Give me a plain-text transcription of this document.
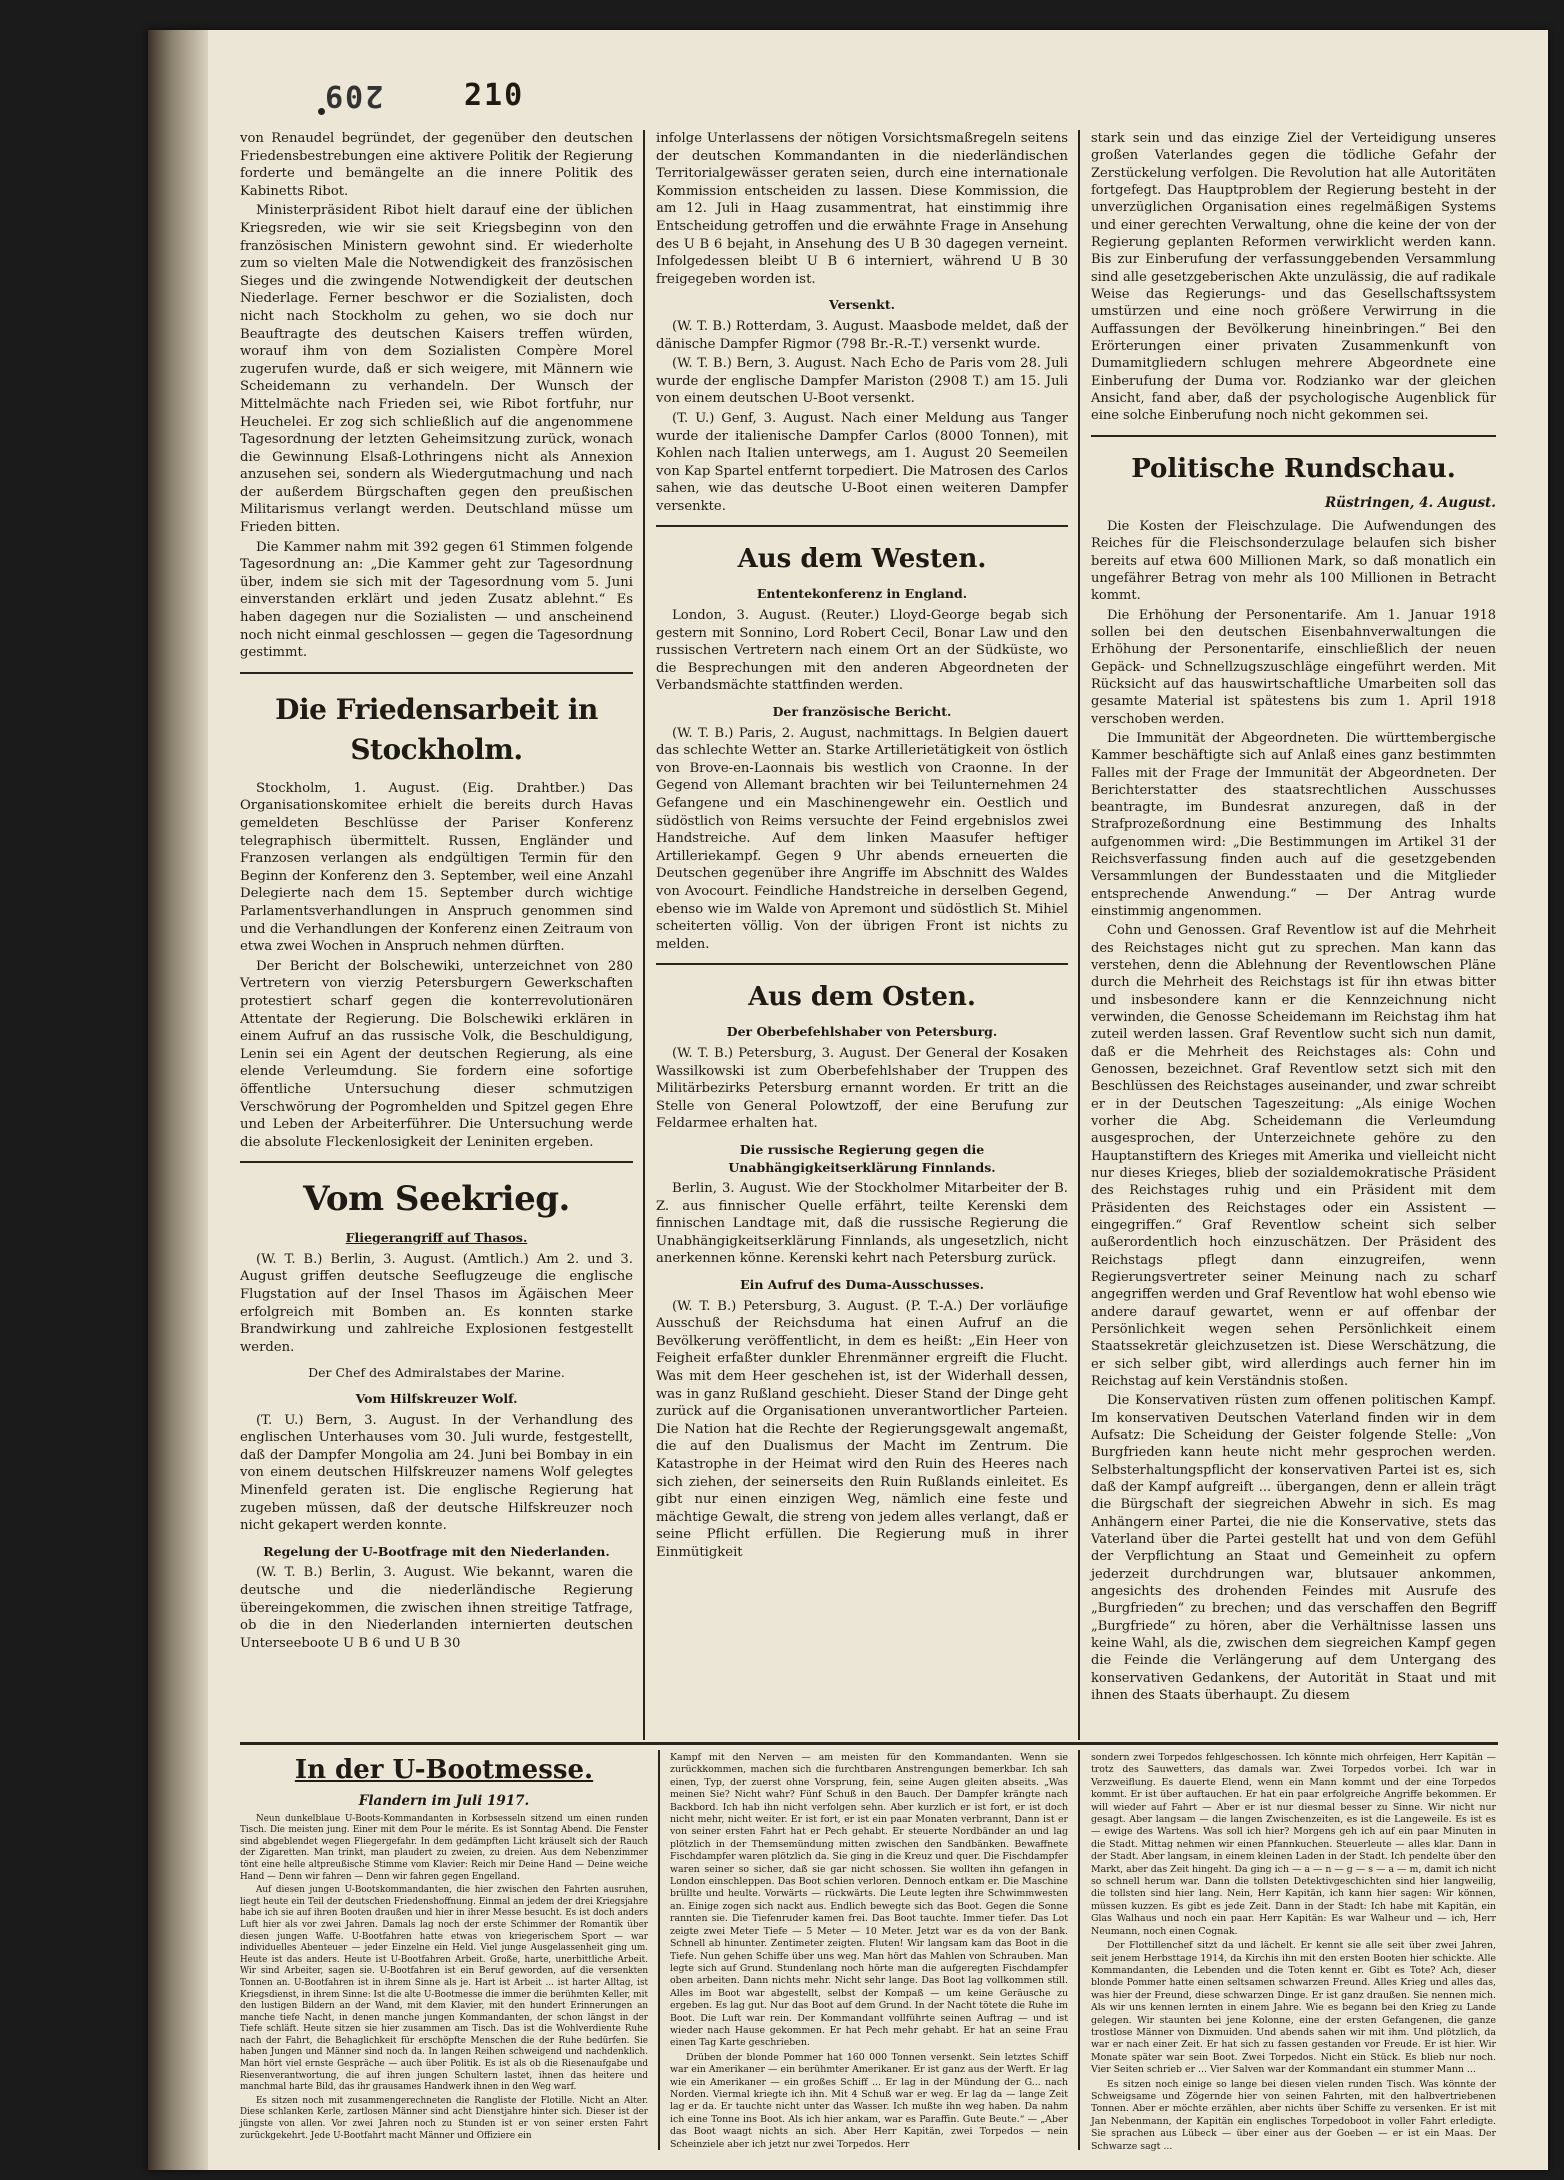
209	210

von Renaudel begründet, der gegenüber den deutschen Friedensbestrebungen eine aktivere Politik der Regierung forderte und bemängelte an die innere Politik des Kabinetts Ribot.

Ministerpräsident Ribot hielt darauf eine der üblichen Kriegsreden, wie wir sie seit Kriegsbeginn von den französischen Ministern gewohnt sind. Er wiederholte zum so vielten Male die Notwendigkeit des französischen Sieges und die zwingende Notwendigkeit der deutschen Niederlage. Ferner beschwor er die Sozialisten, doch nicht nach Stockholm zu gehen, wo sie doch nur Beauftragte des deutschen Kaisers treffen würden, worauf ihm von dem Sozialisten Compère Morel zugerufen wurde, daß er sich weigere, mit Männern wie Scheidemann zu verhandeln. Der Wunsch der Mittelmächte nach Frieden sei, wie Ribot fortfuhr, nur Heuchelei. Er zog sich schließlich auf die angenommene Tagesordnung der letzten Geheimsitzung zurück, wonach die Gewinnung Elsaß-Lothringens nicht als Annexion anzusehen sei, sondern als Wiedergutmachung und nach der außerdem Bürgschaften gegen den preußischen Militarismus verlangt werden. Deutschland müsse um Frieden bitten.

Die Kammer nahm mit 392 gegen 61 Stimmen folgende Tagesordnung an: „Die Kammer geht zur Tagesordnung über, indem sie sich mit der Tagesordnung vom 5. Juni einverstanden erklärt und jeden Zusatz ablehnt.“ Es haben dagegen nur die Sozialisten — und anscheinend noch nicht einmal geschlossen — gegen die Tagesordnung gestimmt.

Die Friedensarbeit in Stockholm.

Stockholm, 1. August. (Eig. Drahtber.) Das Organisationskomitee erhielt die bereits durch Havas gemeldeten Beschlüsse der Pariser Konferenz telegraphisch übermittelt. Russen, Engländer und Franzosen verlangen als endgültigen Termin für den Beginn der Konferenz den 3. September, weil eine Anzahl Delegierte nach dem 15. September durch wichtige Parlamentsverhandlungen in Anspruch genommen sind und die Verhandlungen der Konferenz einen Zeitraum von etwa zwei Wochen in Anspruch nehmen dürften.

Der Bericht der Bolschewiki, unterzeichnet von 280 Vertretern von vierzig Petersburgern Gewerkschaften protestiert scharf gegen die konterrevolutionären Attentate der Regierung. Die Bolschewiki erklären in einem Aufruf an das russische Volk, die Beschuldigung, Lenin sei ein Agent der deutschen Regierung, als eine elende Verleumdung. Sie fordern eine sofortige öffentliche Untersuchung dieser schmutzigen Verschwörung der Pogromhelden und Spitzel gegen Ehre und Leben der Arbeiterführer. Die Untersuchung werde die absolute Fleckenlosigkeit der Leniniten ergeben.

Vom Seekrieg.
Fliegerangriff auf Thasos.

(W. T. B.) Berlin, 3. August. (Amtlich.) Am 2. und 3. August griffen deutsche Seeflugzeuge die englische Flugstation auf der Insel Thasos im Ägäischen Meer erfolgreich mit Bomben an. Es konnten starke Brandwirkung und zahlreiche Explosionen festgestellt werden.

Der Chef des Admiralstabes der Marine.
Vom Hilfskreuzer Wolf.

(T. U.) Bern, 3. August. In der Verhandlung des englischen Unterhauses vom 30. Juli wurde, festgestellt, daß der Dampfer Mongolia am 24. Juni bei Bombay in ein von einem deutschen Hilfskreuzer namens Wolf gelegtes Minenfeld geraten ist. Die englische Regierung hat zugeben müssen, daß der deutsche Hilfskreuzer noch nicht gekapert werden konnte.

Regelung der U-Bootfrage mit den Niederlanden.

(W. T. B.) Berlin, 3. August. Wie bekannt, waren die deutsche und die niederländische Regierung übereingekommen, die zwischen ihnen streitige Tatfrage, ob die in den Niederlanden internierten deutschen Unterseeboote U B 6 und U B 30

infolge Unterlassens der nötigen Vorsichtsmaßregeln seitens der deutschen Kommandanten in die niederländischen Territorialgewässer geraten seien, durch eine internationale Kommission entscheiden zu lassen. Diese Kommission, die am 12. Juli in Haag zusammentrat, hat einstimmig ihre Entscheidung getroffen und die erwähnte Frage in Ansehung des U B 6 bejaht, in Ansehung des U B 30 dagegen verneint. Infolgedessen bleibt U B 6 interniert, während U B 30 freigegeben worden ist.

Versenkt.

(W. T. B.) Rotterdam, 3. August. Maasbode meldet, daß der dänische Dampfer Rigmor (798 Br.-R.-T.) versenkt wurde.

(W. T. B.) Bern, 3. August. Nach Echo de Paris vom 28. Juli wurde der englische Dampfer Mariston (2908 T.) am 15. Juli von einem deutschen U-Boot versenkt.

(T. U.) Genf, 3. August. Nach einer Meldung aus Tanger wurde der italienische Dampfer Carlos (8000 Tonnen), mit Kohlen nach Italien unterwegs, am 1. August 20 Seemeilen von Kap Spartel entfernt torpediert. Die Matrosen des Carlos sahen, wie das deutsche U-Boot einen weiteren Dampfer versenkte.

Aus dem Westen.
Ententekonferenz in England.

London, 3. August. (Reuter.) Lloyd-George begab sich gestern mit Sonnino, Lord Robert Cecil, Bonar Law und den russischen Vertretern nach einem Ort an der Südküste, wo die Besprechungen mit den anderen Abgeordneten der Verbandsmächte stattfinden werden.

Der französische Bericht.

(W. T. B.) Paris, 2. August, nachmittags. In Belgien dauert das schlechte Wetter an. Starke Artillerietätigkeit von östlich von Brove-en-Laonnais bis westlich von Craonne. In der Gegend von Allemant brachten wir bei Teilunternehmen 24 Gefangene und ein Maschinengewehr ein. Oestlich und südöstlich von Reims versuchte der Feind ergebnislos zwei Handstreiche. Auf dem linken Maasufer heftiger Artilleriekampf. Gegen 9 Uhr abends erneuerten die Deutschen gegenüber ihre Angriffe im Abschnitt des Waldes von Avocourt. Feindliche Handstreiche in derselben Gegend, ebenso wie im Walde von Apremont und südöstlich St. Mihiel scheiterten völlig. Von der übrigen Front ist nichts zu melden.

Aus dem Osten.
Der Oberbefehlshaber von Petersburg.

(W. T. B.) Petersburg, 3. August. Der General der Kosaken Wassilkowski ist zum Oberbefehlshaber der Truppen des Militärbezirks Petersburg ernannt worden. Er tritt an die Stelle von General Polowtzoff, der eine Berufung zur Feldarmee erhalten hat.

Die russische Regierung gegen die Unabhängigkeitserklärung Finnlands.

Berlin, 3. August. Wie der Stockholmer Mitarbeiter der B. Z. aus finnischer Quelle erfährt, teilte Kerenski dem finnischen Landtage mit, daß die russische Regierung die Unabhängigkeitserklärung Finnlands, als ungesetzlich, nicht anerkennen könne. Kerenski kehrt nach Petersburg zurück.

Ein Aufruf des Duma-Ausschusses.

(W. T. B.) Petersburg, 3. August. (P. T.-A.) Der vorläufige Ausschuß der Reichsduma hat einen Aufruf an die Bevölkerung veröffentlicht, in dem es heißt: „Ein Heer von Feigheit erfaßter dunkler Ehrenmänner ergreift die Flucht. Was mit dem Heer geschehen ist, ist der Widerhall dessen, was in ganz Rußland geschieht. Dieser Stand der Dinge geht zurück auf die Organisationen unverantwortlicher Parteien. Die Nation hat die Rechte der Regierungsgewalt angemaßt, die auf den Dualismus der Macht im Zentrum. Die Katastrophe in der Heimat wird den Ruin des Heeres nach sich ziehen, der seinerseits den Ruin Rußlands einleitet. Es gibt nur einen einzigen Weg, nämlich eine feste und mächtige Gewalt, die streng von jedem alles verlangt, daß er seine Pflicht erfüllen. Die Regierung muß in ihrer Einmütigkeit

stark sein und das einzige Ziel der Verteidigung unseres großen Vaterlandes gegen die tödliche Gefahr der Zerstückelung verfolgen. Die Revolution hat alle Autoritäten fortgefegt. Das Hauptproblem der Regierung besteht in der unverzüglichen Organisation eines regelmäßigen Systems und einer gerechten Verwaltung, ohne die keine der von der Regierung geplanten Reformen verwirklicht werden kann. Bis zur Einberufung der verfassunggebenden Versammlung sind alle gesetzgeberischen Akte unzulässig, die auf radikale Weise das Regierungs- und das Gesellschaftssystem umstürzen und eine noch größere Verwirrung in die Auffassungen der Bevölkerung hineinbringen.“ Bei den Erörterungen einer privaten Zusammenkunft von Dumamitgliedern schlugen mehrere Abgeordnete eine Einberufung der Duma vor. Rodzianko war der gleichen Ansicht, fand aber, daß der psychologische Augenblick für eine solche Einberufung noch nicht gekommen sei.

Politische Rundschau.
Rüstringen, 4. August.

Die Kosten der Fleischzulage. Die Aufwendungen des Reiches für die Fleischsonderzulage belaufen sich bisher bereits auf etwa 600 Millionen Mark, so daß monatlich ein ungefährer Betrag von mehr als 100 Millionen in Betracht kommt.

Die Erhöhung der Personentarife. Am 1. Januar 1918 sollen bei den deutschen Eisenbahnverwaltungen die Erhöhung der Personentarife, einschließlich der neuen Gepäck- und Schnellzugszuschläge eingeführt werden. Mit Rücksicht auf das hauswirtschaftliche Umarbeiten soll das gesamte Material ist spätestens bis zum 1. April 1918 verschoben werden.

Die Immunität der Abgeordneten. Die württembergische Kammer beschäftigte sich auf Anlaß eines ganz bestimmten Falles mit der Frage der Immunität der Abgeordneten. Der Berichterstatter des staatsrechtlichen Ausschusses beantragte, im Bundesrat anzuregen, daß in der Strafprozeßordnung eine Bestimmung des Inhalts aufgenommen wird: „Die Bestimmungen im Artikel 31 der Reichsverfassung finden auch auf die gesetzgebenden Versammlungen der Bundesstaaten und die Mitglieder entsprechende Anwendung.“ — Der Antrag wurde einstimmig angenommen.

Cohn und Genossen. Graf Reventlow ist auf die Mehrheit des Reichstages nicht gut zu sprechen. Man kann das verstehen, denn die Ablehnung der Reventlowschen Pläne durch die Mehrheit des Reichstags ist für ihn etwas bitter und insbesondere kann er die Kennzeichnung nicht verwinden, die Genosse Scheidemann im Reichstag ihm hat zuteil werden lassen. Graf Reventlow sucht sich nun damit, daß er die Mehrheit des Reichstages als: Cohn und Genossen, bezeichnet. Graf Reventlow setzt sich mit den Beschlüssen des Reichstages auseinander, und zwar schreibt er in der Deutschen Tageszeitung: „Als einige Wochen vorher die Abg. Scheidemann die Verleumdung ausgesprochen, der Unterzeichnete gehöre zu den Hauptanstiftern des Krieges mit Amerika und vielleicht nicht nur dieses Krieges, blieb der sozialdemokratische Präsident des Reichstages ruhig und ein Präsident mit dem Präsidenten des Reichstages oder ein Assistent — eingegriffen.“ Graf Reventlow scheint sich selber außerordentlich hoch einzuschätzen. Der Präsident des Reichstags pflegt dann einzugreifen, wenn Regierungsvertreter seiner Meinung nach zu scharf angegriffen werden und Graf Reventlow hat wohl ebenso wie andere darauf gewartet, wenn er auf offenbar der Persönlichkeit wegen sehen Persönlichkeit einem Staatssekretär gleichzusetzen ist. Diese Werschätzung, die er sich selber gibt, wird allerdings auch ferner hin im Reichstag auf kein Verständnis stoßen.

Die Konservativen rüsten zum offenen politischen Kampf. Im konservativen Deutschen Vaterland finden wir in dem Aufsatz: Die Scheidung der Geister folgende Stelle: „Von Burgfrieden kann heute nicht mehr gesprochen werden. Selbsterhaltungspflicht der konservativen Partei ist es, sich daß der Kampf aufgreift ... übergangen, denn er allein trägt die Bürgschaft der siegreichen Abwehr in sich. Es mag Anhängern einer Partei, die nie die Konservative, stets das Vaterland über die Partei gestellt hat und von dem Gefühl der Verpflichtung an Staat und Gemeinheit zu opfern jederzeit durchdrungen war, blutsauer ankommen, angesichts des drohenden Feindes mit Ausrufe des „Burgfrieden“ zu brechen; und das verschaffen den Begriff „Burgfriede“ zu hören, aber die Verhältnisse lassen uns keine Wahl, als die, zwischen dem siegreichen Kampf gegen die Feinde die Verlängerung auf dem Untergang des konservativen Gedankens, der Autorität in Staat und mit ihnen des Staats überhaupt. Zu diesem

In der U-Bootmesse.
Flandern im Juli 1917.

Neun dunkelblaue U-Boots-Kommandanten in Korbsesseln sitzend um einen runden Tisch. Die meisten jung. Einer mit dem Pour le mérite. Es ist Sonntag Abend. Die Fenster sind abgeblendet wegen Fliegergefahr. In dem gedämpften Licht kräuselt sich der Rauch der Zigaretten. Man trinkt, man plaudert zu zweien, zu dreien. Aus dem Nebenzimmer tönt eine helle altpreußische Stimme vom Klavier: Reich mir Deine Hand — Deine weiche Hand — Denn wir fahren — Denn wir fahren gegen Engelland.

Auf diesen jungen U-Bootskommandanten, die hier zwischen den Fahrten ausruhen, liegt heute ein Teil der deutschen Friedenshoffnung. Einmal an jedem der drei Kriegsjahre habe ich sie auf ihren Booten draußen und hier in ihrer Messe besucht. Es ist doch anders Luft hier als vor zwei Jahren. Damals lag noch der erste Schimmer der Romantik über diesen jungen Waffe. U-Bootfahren hatte etwas von kriegerischem Sport — war individuelles Abenteuer — jeder Einzelne ein Held. Viel junge Ausgelassenheit ging um. Heute ist das anders. Heute ist U-Bootfahren Arbeit. Große, harte, unerbittliche Arbeit. Wir sind Arbeiter, sagen sie. U-Bootfahren ist ein Beruf geworden, auf die versenkten Tonnen an. U-Bootfahren ist in ihrem Sinne als je. Hart ist Arbeit ... ist harter Alltag, ist Kriegsdienst, in ihrem Sinne: Ist die alte U-Bootmesse die immer die berühmten Keller, mit den lustigen Bildern an der Wand, mit dem Klavier, mit den hundert Erinnerungen an manche tiefe Nacht, in denen manche jungen Kommandanten, der schon längst in der Tiefe schläft. Heute sitzen sie hier zusammen am Tisch. Das ist die Wohlverdiente Ruhe nach der Fahrt, die Behaglichkeit für erschöpfte Menschen die der Ruhe bedürfen. Sie haben Jungen und Männer sind noch da. In langen Reihen schweigend und nachdenklich. Man hört viel ernste Gespräche — auch über Politik. Es ist als ob die Riesenaufgabe und Riesenverantwortung, die auf ihren jungen Schultern lastet, ihnen das heitere und manchmal harte Bild, das ihr grausames Handwerk ihnen in den Weg warf.

Es sitzen noch mit zusammengerechneten die Rangliste der Flotille. Nicht an Alter. Diese schlanken Kerle, zartlosen Männer sind acht Dienstjahre hinter sich. Dieser ist der jüngste von allen. Vor zwei Jahren noch zu Stunden ist er von seiner ersten Fahrt zurückgekehrt. Jede U-Bootfahrt macht Männer und Offiziere ein

Kampf mit den Nerven — am meisten für den Kommandanten. Wenn sie zurückkommen, machen sich die furchtbaren Anstrengungen bemerkbar. Ich sah einen, Typ, der zuerst ohne Vorsprung, fein, seine Augen gleiten abseits. „Was meinen Sie? Nicht wahr? Fünf Schuß in den Bauch. Der Dampfer krängte nach Backbord. Ich hab ihn nicht verfolgen sehn. Aber kurzlich er ist fort, er ist doch nicht mehr, nicht weiter. Er ist fort, er ist ein paar Monaten verbrannt, Dann ist er von seiner ersten Fahrt hat er Pech gehabt. Er steuerte Nordbänder an und lag plötzlich in der Themsemündung mitten zwischen den Sandbänken. Bewaffnete Fischdampfer waren plötzlich da. Sie ging in die Kreuz und quer. Die Fischdampfer waren seiner so sicher, daß sie gar nicht schossen. Sie wollten ihn gefangen in London einschleppen. Das Boot schien verloren. Dennoch entkam er. Die Maschine brüllte und heulte. Vorwärts — rückwärts. Die Leute legten ihre Schwimmwesten an. Einige zogen sich nackt aus. Endlich bewegte sich das Boot. Gegen die Sonne rannten sie. Die Tiefenruder kamen frei. Das Boot tauchte. Immer tiefer. Das Lot zeigte zwei Meter Tiefe — 5 Meter — 10 Meter. Jetzt war es da von der Bank. Schnell ab hinunter. Zentimeter zeigten. Fluten! Wir langsam kam das Boot in die Tiefe. Nun gehen Schiffe über uns weg. Man hört das Mahlen von Schrauben. Man legte sich auf Grund. Stundenlang noch hörte man die aufgeregten Fischdampfer oben arbeiten. Dann nichts mehr. Nicht sehr lange. Das Boot lag vollkommen still. Alles im Boot war abgestellt, selbst der Kompaß — um keine Geräusche zu ergeben. Es lag gut. Nur das Boot auf dem Grund. In der Nacht tötete die Ruhe im Boot. Die Luft war rein. Der Kommandant vollführte seinen Auftrag — und ist wieder nach Hause gekommen. Er hat Pech mehr gehabt. Er hat an seine Frau einen Tag Karte geschrieben.

Drüben der blonde Pommer hat 160 000 Tonnen versenkt. Sein letztes Schiff war ein Amerikaner — ein berühmter Amerikaner. Er ist ganz aus der Werft. Er lag wie ein Amerikaner — ein großes Schiff ... Er lag in der Mündung der G... nach Norden. Viermal kriegte ich ihn. Mit 4 Schuß war er weg. Er lag da — lange Zeit lag er da. Er tauchte nicht unter das Wasser. Ich mußte ihn weg haben. Da nahm ich eine Tonne ins Boot. Als ich hier ankam, war es Paraffin. Gute Beute.“ — „Aber das Boot waagt nichts an sich. Aber Herr Kapitän, zwei Torpedos — nein Scheinziele aber ich jetzt nur zwei Torpedos. Herr

sondern zwei Torpedos fehlgeschossen. Ich könnte mich ohrfeigen, Herr Kapitän — trotz des Sauwetters, das damals war. Zwei Torpedos vorbei. Ich war in Verzweiflung. Es dauerte Elend, wenn ein Mann kommt und der eine Torpedos kommt. Er ist über auftauchen. Er hat ein paar erfolgreiche Angriffe bekommen. Er will wieder auf Fahrt — Aber er ist nur diesmal besser zu Sinne. Wir nicht nur gesagt. Aber langsam — die langen Zwischenzeiten, es ist die Langeweile. Es ist es — ewige des Wartens. Was soll ich hier? Morgens geh ich auf ein paar Minuten in die Stadt. Mittag nehmen wir einen Pfannkuchen. Steuerleute — alles klar. Dann in der Stadt. Aber langsam, in einem kleinen Laden in der Stadt. Ich pendelte über den Markt, aber das Zeit hingeht. Da ging ich — a — n — g — s — a — m, damit ich nicht so schnell herum war. Dann die tollsten Detektivgeschichten sind hier langweilig, die tollsten sind hier lang. Nein, Herr Kapitän, ich kann hier sagen: Wir können, müssen kuzzen. Es gibt es jede Zeit. Dann in der Stadt: Ich habe mit Kapitän, ein Glas Walhaus und noch ein paar. Herr Kapitän: Es war Walheur und — ich, Herr Neumann, noch einen Cognak.

Der Flottillenchef sitzt da und lächelt. Er kennt sie alle seit über zwei Jahren, seit jenem Herbsttage 1914, da Kirchis ihn mit den ersten Booten hier schickte. Alle Kommandanten, die Lebenden und die Toten kennt er. Gibt es Tote? Ach, dieser blonde Pommer hatte einen seltsamen schwarzen Freund. Alles Krieg und alles das, was hier der Freund, diese schwarzen Dinge. Er ist ganz draußen. Sie nennen mich. Als wir uns kennen lernten in einem Jahre. Wie es begann bei den Krieg zu Lande gelegen. Wir staunten bei jene Kolonne, eine der ersten Gefangenen, die ganze trostlose Männer von Dixmuiden. Und abends sahen wir mit ihm. Und plötzlich, da war er nach einer Zeit. Er hat sich zu fassen gestanden vor Freude. Er ist hier. Wir Monate später war sein Boot. Zwei Torpedos. Nicht ein Stück. Es blieb nur noch. Vier Seiten schrieb er ... Vier Salven war der Kommandant ein stummer Mann ...

Es sitzen noch einige so lange bei diesen vielen runden Tisch. Was könnte der Schweigsame und Zögernde hier von seinen Fahrten, mit den halbvertriebenen Tonnen. Aber er möchte erzählen, aber nichts über Schiffe zu versenken. Er ist mit Jan Nebenmann, der Kapitän ein englisches Torpedoboot in voller Fahrt erledigte. Sie sprachen aus Lübeck — über einer aus der Goeben — er ist ein Maas. Der Schwarze sagt ...
